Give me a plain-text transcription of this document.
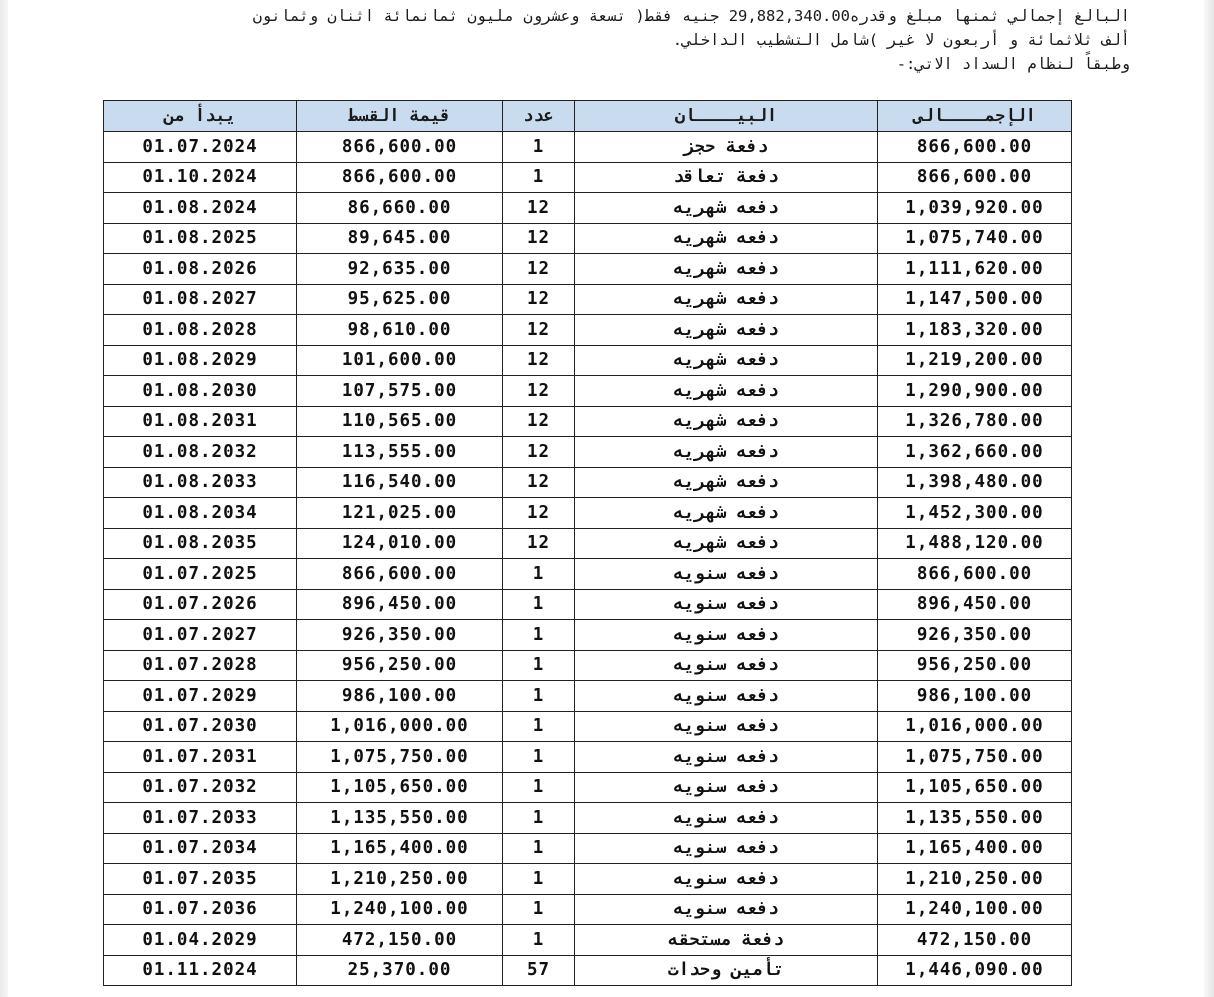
البالغ إجمالي ثمنها مبلغ وقدره29,882,340.00 جنيه فقط( تسعة وعشرون مليون ثمانمائة اثنان وثمانون
ألف ثلاثمائة و أربعون لا غير )شامل التشطيب الداخلي.
وطبقاً لنظام السداد الاتي:-
الإجمــــالى	البيــــان	عدد	قيمة القسط	يبدأ من
866,600.00	دفعة حجز	1	866,600.00	01.07.2024
866,600.00	دفعة تعاقد	1	866,600.00	01.10.2024
1,039,920.00	دفعه شهريه	12	86,660.00	01.08.2024
1,075,740.00	دفعه شهريه	12	89,645.00	01.08.2025
1,111,620.00	دفعه شهريه	12	92,635.00	01.08.2026
1,147,500.00	دفعه شهريه	12	95,625.00	01.08.2027
1,183,320.00	دفعه شهريه	12	98,610.00	01.08.2028
1,219,200.00	دفعه شهريه	12	101,600.00	01.08.2029
1,290,900.00	دفعه شهريه	12	107,575.00	01.08.2030
1,326,780.00	دفعه شهريه	12	110,565.00	01.08.2031
1,362,660.00	دفعه شهريه	12	113,555.00	01.08.2032
1,398,480.00	دفعه شهريه	12	116,540.00	01.08.2033
1,452,300.00	دفعه شهريه	12	121,025.00	01.08.2034
1,488,120.00	دفعه شهريه	12	124,010.00	01.08.2035
866,600.00	دفعه سنويه	1	866,600.00	01.07.2025
896,450.00	دفعه سنويه	1	896,450.00	01.07.2026
926,350.00	دفعه سنويه	1	926,350.00	01.07.2027
956,250.00	دفعه سنويه	1	956,250.00	01.07.2028
986,100.00	دفعه سنويه	1	986,100.00	01.07.2029
1,016,000.00	دفعه سنويه	1	1,016,000.00	01.07.2030
1,075,750.00	دفعه سنويه	1	1,075,750.00	01.07.2031
1,105,650.00	دفعه سنويه	1	1,105,650.00	01.07.2032
1,135,550.00	دفعه سنويه	1	1,135,550.00	01.07.2033
1,165,400.00	دفعه سنويه	1	1,165,400.00	01.07.2034
1,210,250.00	دفعه سنويه	1	1,210,250.00	01.07.2035
1,240,100.00	دفعه سنويه	1	1,240,100.00	01.07.2036
472,150.00	دفعة مستحقه	1	472,150.00	01.04.2029
1,446,090.00	تأمين وحدات	57	25,370.00	01.11.2024
